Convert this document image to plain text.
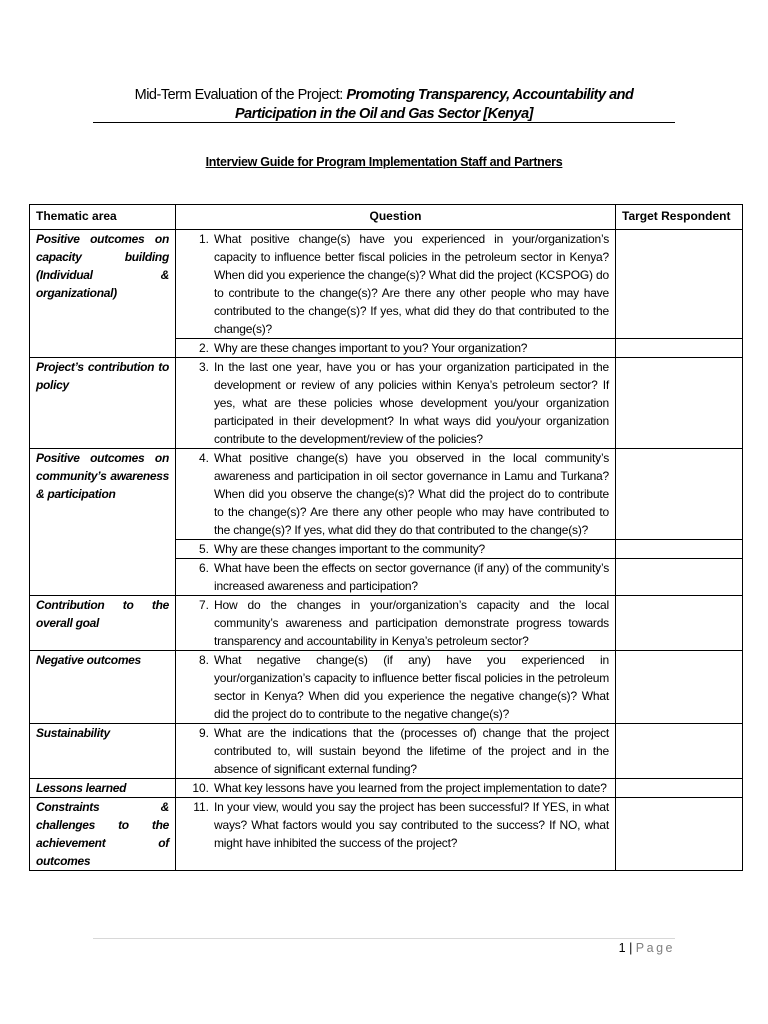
Mid-Term Evaluation of the Project: Promoting Transparency, Accountability and Participation in the Oil and Gas Sector [Kenya]
Interview Guide for Program Implementation Staff and Partners
Thematic area	Question	Target Respondent
Positive outcomes on capacity building (Individual & organizational)	1. What positive change(s) have you experienced in your/organization’s capacity to influence better fiscal policies in the petroleum sector in Kenya? When did you experience the change(s)? What did the project (KCSPOG) do to contribute to the change(s)? Are there any other people who may have contributed to the change(s)? If yes, what did they do that contributed to the change(s)?	

	2. Why are these changes important to you? Your organization?	

Project’s contribution to policy	3. In the last one year, have you or has your organization participated in the development or review of any policies within Kenya’s petroleum sector? If yes, what are these policies whose development you/your organization participated in their development? In what ways did you/your organization contribute to the development/review of the policies?	

Positive outcomes on community’s awareness & participation	4. What positive change(s) have you observed in the local community’s awareness and participation in oil sector governance in Lamu and Turkana? When did you observe the change(s)? What did the project do to contribute to the change(s)? Are there any other people who may have contributed to the change(s)? If yes, what did they do that contributed to the change(s)?	

	5. Why are these changes important to the community?	

	6. What have been the effects on sector governance (if any) of the community’s increased awareness and participation?	

Contribution to the overall goal	7. How do the changes in your/organization’s capacity and the local community’s awareness and participation demonstrate progress towards transparency and accountability in Kenya’s petroleum sector?	

Negative outcomes	8. What negative change(s) (if any) have you experienced in your/organization’s capacity to influence better fiscal policies in the petroleum sector in Kenya? When did you experience the negative change(s)? What did the project do to contribute to the negative change(s)?	

Sustainability	9. What are the indications that the (processes of) change that the project contributed to, will sustain beyond the lifetime of the project and in the absence of significant external funding?	

Lessons learned	10. What key lessons have you learned from the project implementation to date?	

Constraints & challenges to the achievement of outcomes	11. In your view, would you say the project has been successful? If YES, in what ways? What factors would you say contributed to the success? If NO, what might have inhibited the success of the project?	

1 | Page
